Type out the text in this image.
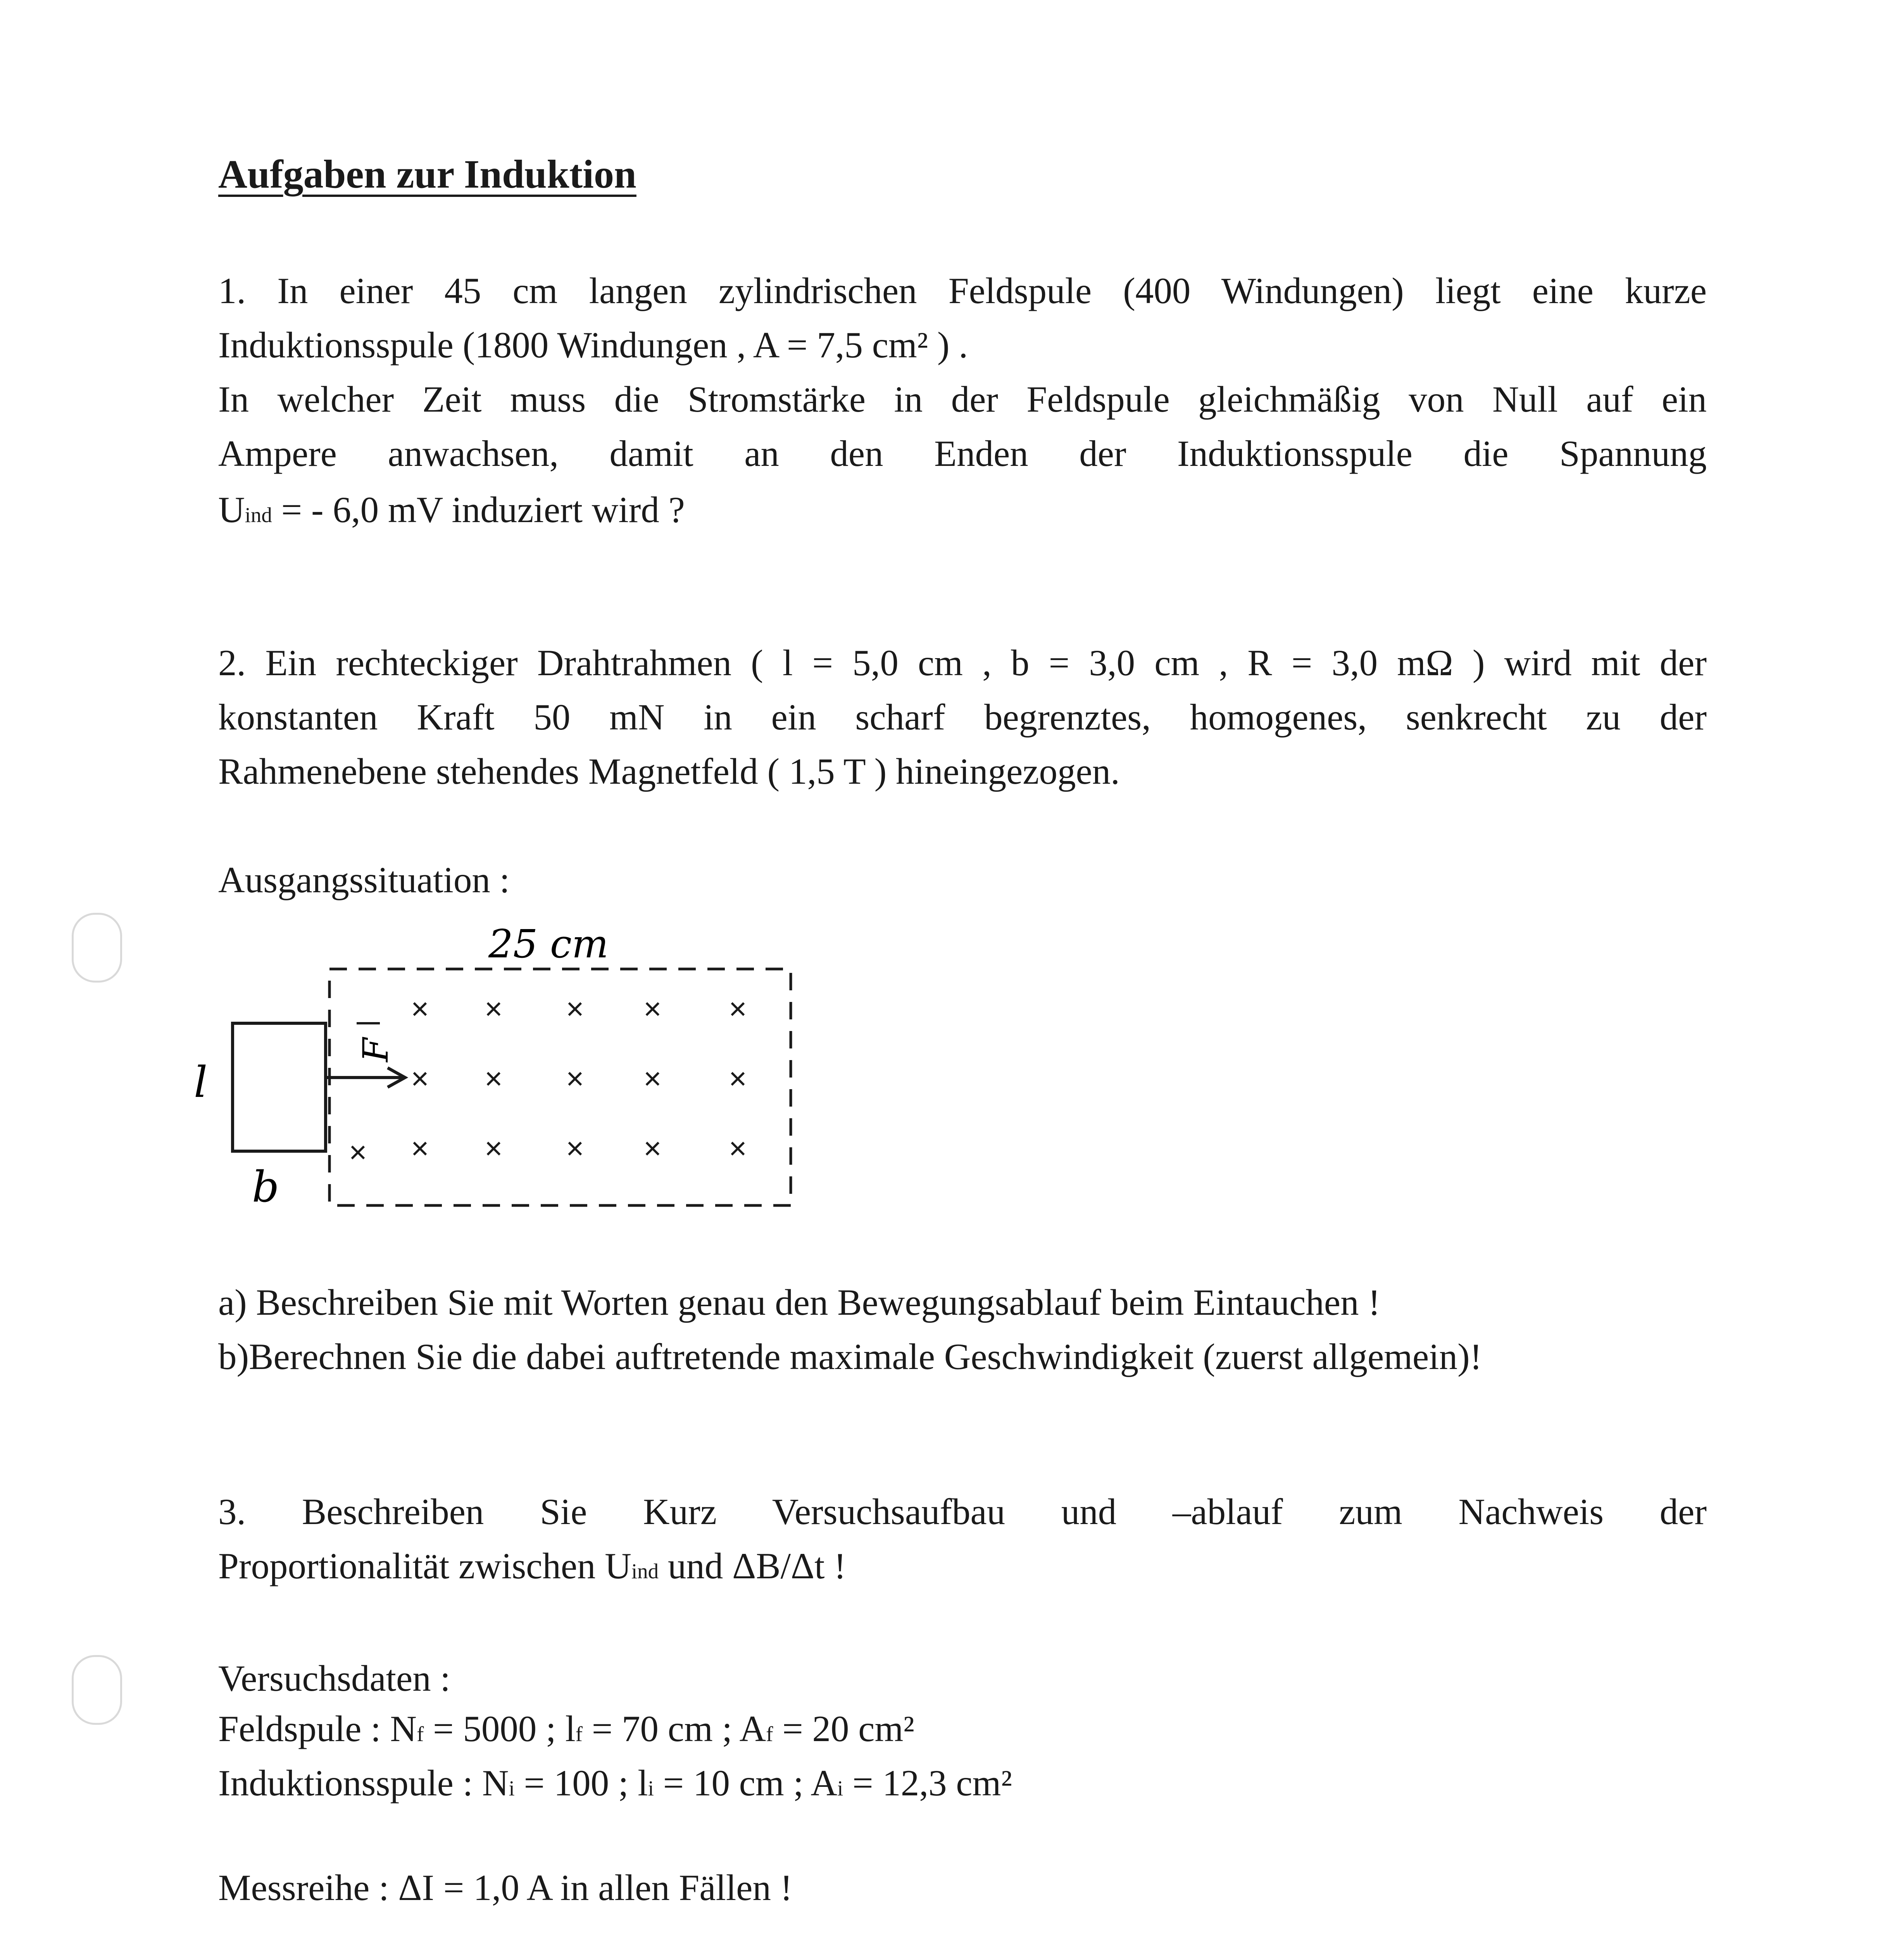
Aufgaben zur Induktion
1. In einer 45 cm langen zylindrischen Feldspule (400 Windungen) liegt eine kurze
Induktionsspule (1800 Windungen , A = 7,5 cm² ) .
In welcher Zeit muss die Stromstärke in der Feldspule gleichmäßig von Null auf ein
Ampere anwachsen, damit an den Enden der Induktionsspule die Spannung
Uind = - 6,0 mV induziert wird ?
2. Ein rechteckiger Drahtrahmen ( l = 5,0 cm , b = 3,0 cm , R = 3,0 mΩ ) wird mit der
konstanten Kraft 50 mN in ein scharf begrenztes, homogenes, senkrecht zu der
Rahmenebene stehendes Magnetfeld ( 1,5 T ) hineingezogen.
Ausgangssituation :
25 cm
l
b
F
× × × × ×
× × × × ×
× × × × × ×
a) Beschreiben Sie mit Worten genau den Bewegungsablauf beim Eintauchen !
b)Berechnen Sie die dabei auftretende maximale Geschwindigkeit (zuerst allgemein)!
3. Beschreiben Sie Kurz Versuchsaufbau und –ablauf zum Nachweis der
Proportionalität zwischen Uind und ΔB/Δt !
Versuchsdaten :
Feldspule : Nf = 5000 ; lf = 70 cm ; Af = 20 cm²
Induktionsspule : Ni = 100 ; li = 10 cm ; Ai = 12,3 cm²
Messreihe : ΔI = 1,0 A in allen Fällen !
